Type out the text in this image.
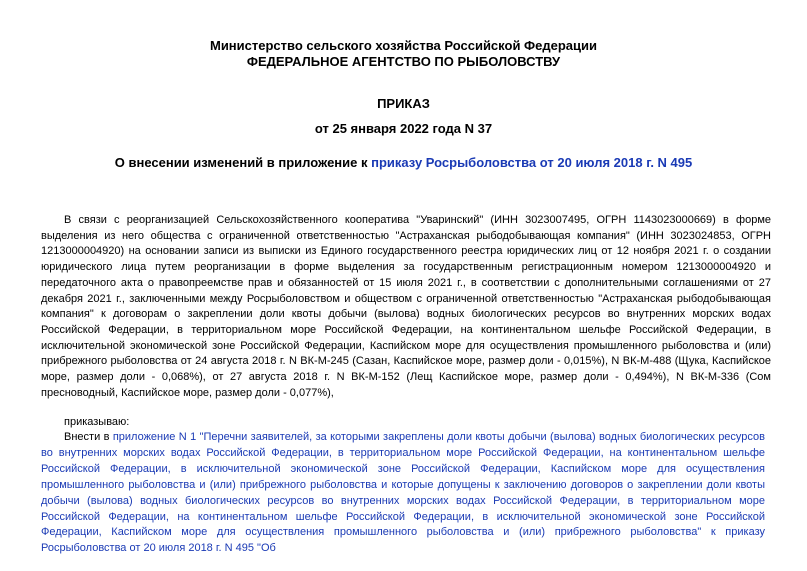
Министерство сельского хозяйства Российской Федерации
ФЕДЕРАЛЬНОЕ АГЕНТСТВО ПО РЫБОЛОВСТВУ
ПРИКАЗ
от 25 января 2022 года N 37
О внесении изменений в приложение к приказу Росрыболовства от 20 июля 2018 г. N 495
В связи с реорганизацией Сельскохозяйственного кооператива "Уваринский" (ИНН 3023007495, ОГРН 1143023000669) в форме выделения из него общества с ограниченной ответственностью "Астраханская рыбодобывающая компания" (ИНН 3023024853, ОГРН 1213000004920) на основании записи из выписки из Единого государственного реестра юридических лиц от 12 ноября 2021 г. о создании юридического лица путем реорганизации в форме выделения за государственным регистрационным номером 1213000004920 и передаточного акта о правопреемстве прав и обязанностей от 15 июля 2021 г., в соответствии с дополнительными соглашениями от 27 декабря 2021 г., заключенными между Росрыболовством и обществом с ограниченной ответственностью "Астраханская рыбодобывающая компания" к договорам о закреплении доли квоты добычи (вылова) водных биологических ресурсов во внутренних морских водах Российской Федерации, в территориальном море Российской Федерации, на континентальном шельфе Российской Федерации, в исключительной экономической зоне Российской Федерации, Каспийском море для осуществления промышленного рыболовства и (или) прибрежного рыболовства от 24 августа 2018 г. N ВК-М-245 (Сазан, Каспийское море, размер доли - 0,015%), N ВК-М-488 (Щука, Каспийское море, размер доли - 0,068%), от 27 августа 2018 г. N ВК-М-152 (Лещ Каспийское море, размер доли - 0,494%), N ВК-М-336 (Сом пресноводный, Каспийское море, размер доли - 0,077%),
приказываю:
Внести в приложение N 1 "Перечни заявителей, за которыми закреплены доли квоты добычи (вылова) водных биологических ресурсов во внутренних морских водах Российской Федерации, в территориальном море Российской Федерации, на континентальном шельфе Российской Федерации, в исключительной экономической зоне Российской Федерации, Каспийском море для осуществления промышленного рыболовства и (или) прибрежного рыболовства и которые допущены к заключению договоров о закреплении доли квоты добычи (вылова) водных биологических ресурсов во внутренних морских водах Российской Федерации, в территориальном море Российской Федерации, на континентальном шельфе Российской Федерации, в исключительной экономической зоне Российской Федерации, Каспийском море для осуществления промышленного рыболовства и (или) прибрежного рыболовства" к приказу Росрыболовства от 20 июля 2018 г. N 495 "Об
